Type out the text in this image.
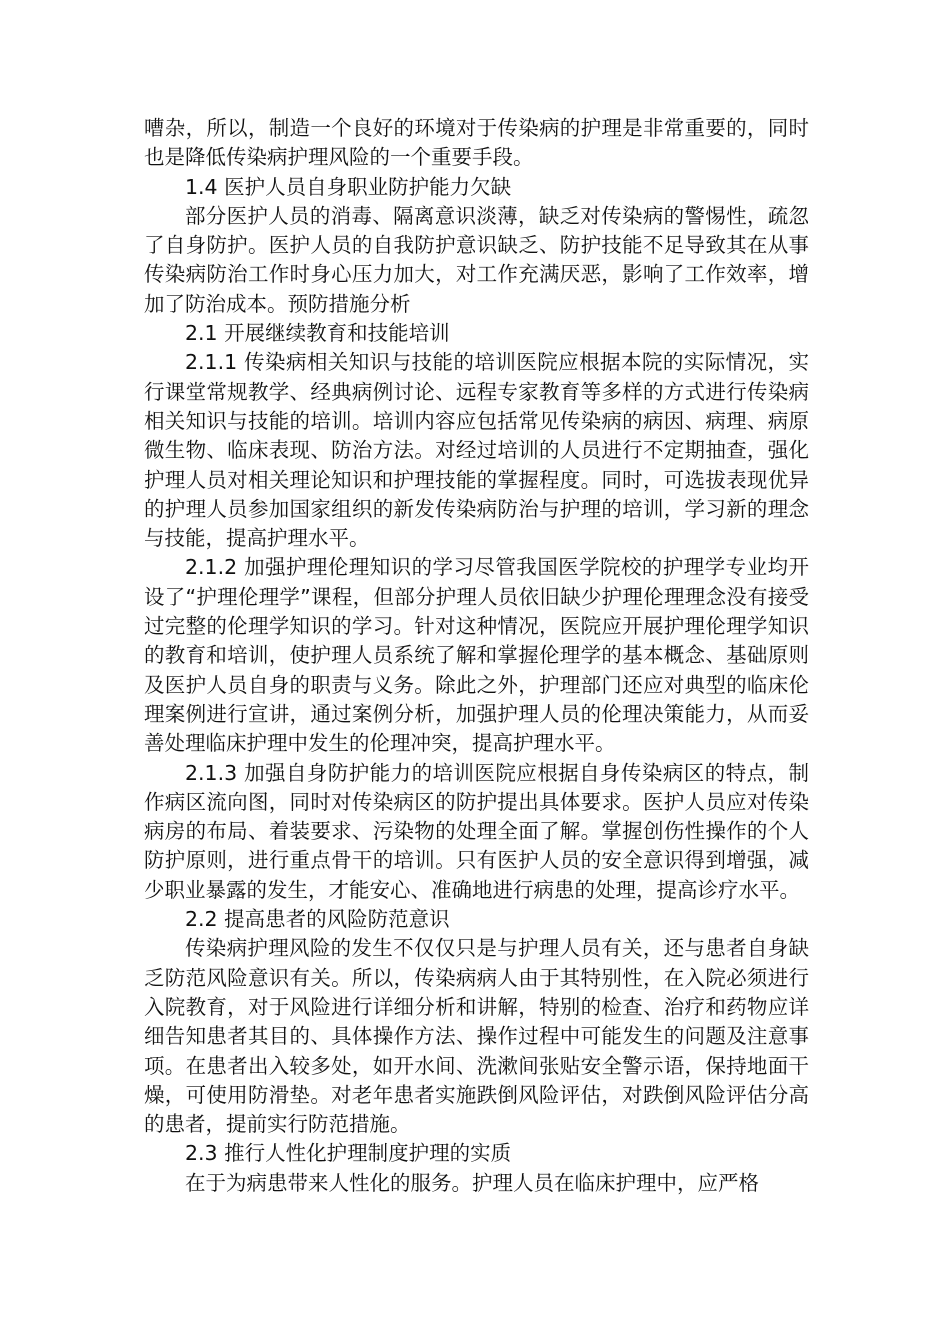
嘈杂，所以，制造一个良好的环境对于传染病的护理是非常重要的，同时也是降低传染病护理风险的一个重要手段。

1.4 医护人员自身职业防护能力欠缺

部分医护人员的消毒、隔离意识淡薄，缺乏对传染病的警惕性，疏忽了自身防护。医护人员的自我防护意识缺乏、防护技能不足导致其在从事传染病防治工作时身心压力加大，对工作充满厌恶，影响了工作效率，增加了防治成本。预防措施分析

2.1 开展继续教育和技能培训

2.1.1 传染病相关知识与技能的培训医院应根据本院的实际情况，实行课堂常规教学、经典病例讨论、远程专家教育等多样的方式进行传染病相关知识与技能的培训。培训内容应包括常见传染病的病因、病理、病原微生物、临床表现、防治方法。对经过培训的人员进行不定期抽查，强化护理人员对相关理论知识和护理技能的掌握程度。同时，可选拔表现优异的护理人员参加国家组织的新发传染病防治与护理的培训，学习新的理念与技能，提高护理水平。

2.1.2 加强护理伦理知识的学习尽管我国医学院校的护理学专业均开设了“护理伦理学”课程，但部分护理人员依旧缺少护理伦理理念没有接受过完整的伦理学知识的学习。针对这种情况，医院应开展护理伦理学知识的教育和培训，使护理人员系统了解和掌握伦理学的基本概念、基础原则及医护人员自身的职责与义务。除此之外，护理部门还应对典型的临床伦理案例进行宣讲，通过案例分析，加强护理人员的伦理决策能力，从而妥善处理临床护理中发生的伦理冲突，提高护理水平。

2.1.3 加强自身防护能力的培训医院应根据自身传染病区的特点，制作病区流向图，同时对传染病区的防护提出具体要求。医护人员应对传染病房的布局、着装要求、污染物的处理全面了解。掌握创伤性操作的个人防护原则，进行重点骨干的培训。只有医护人员的安全意识得到增强，减少职业暴露的发生，才能安心、准确地进行病患的处理，提高诊疗水平。

2.2 提高患者的风险防范意识

传染病护理风险的发生不仅仅只是与护理人员有关，还与患者自身缺乏防范风险意识有关。所以，传染病病人由于其特别性，在入院必须进行入院教育，对于风险进行详细分析和讲解，特别的检查、治疗和药物应详细告知患者其目的、具体操作方法、操作过程中可能发生的问题及注意事项。在患者出入较多处，如开水间、洗漱间张贴安全警示语，保持地面干燥，可使用防滑垫。对老年患者实施跌倒风险评估，对跌倒风险评估分高的患者，提前实行防范措施。

2.3 推行人性化护理制度护理的实质

在于为病患带来人性化的服务。护理人员在临床护理中，应严格
